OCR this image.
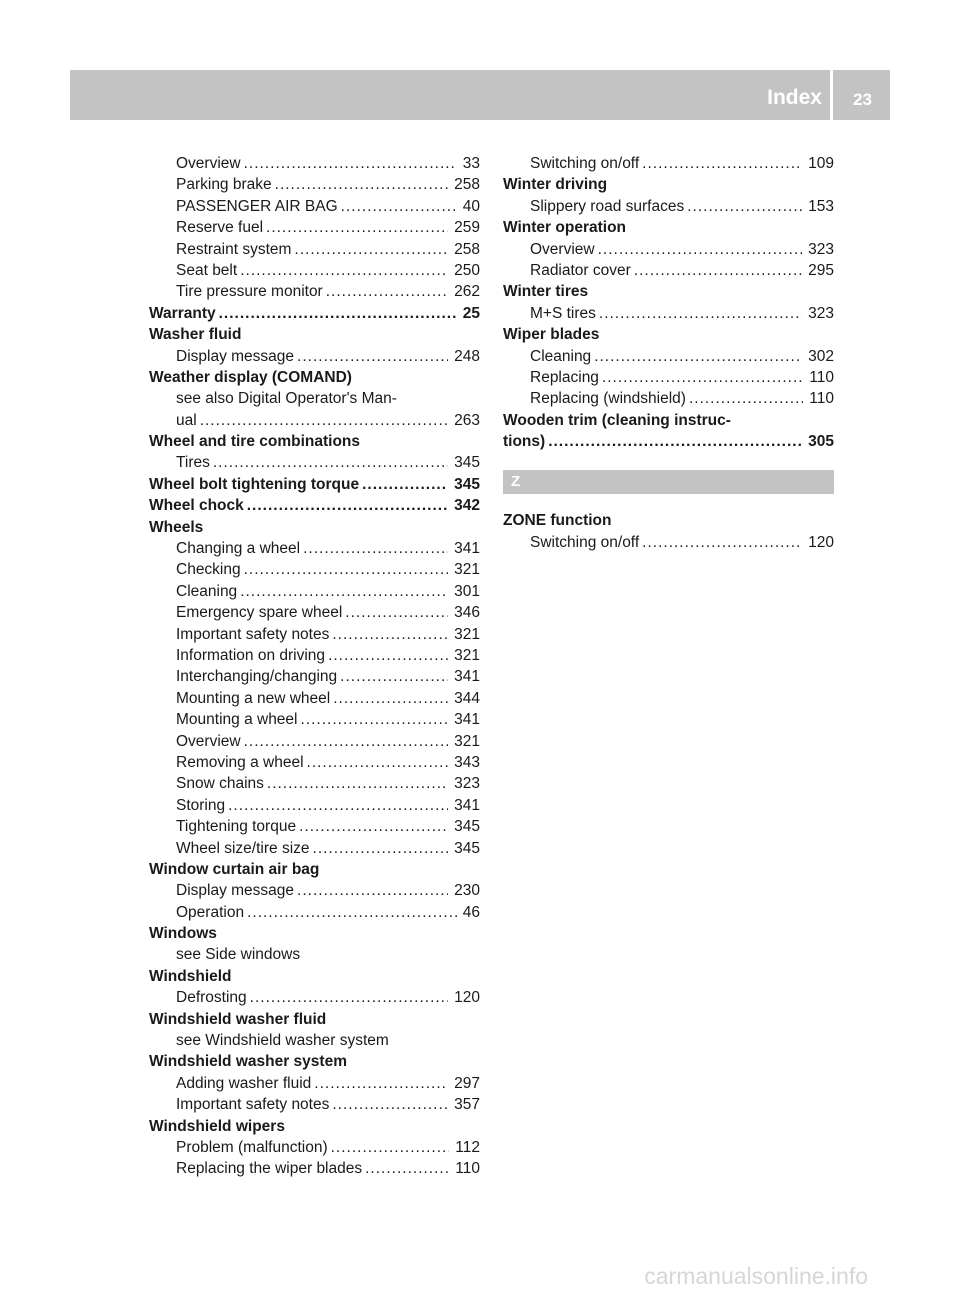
Index 23
Overview .....	33
Parking brake .....	258
PASSENGER AIR BAG .....	40
Reserve fuel .....	259
Restraint system .....	258
Seat belt .....	250
Tire pressure monitor .....	262
Warranty .....	25
Washer fluid
Display message .....	248
Weather display (COMAND)
see also Digital Operator's Man-
ual .....	263
Wheel and tire combinations
Tires .....	345
Wheel bolt tightening torque .....	345
Wheel chock .....	342
Wheels
Changing a wheel .....	341
Checking .....	321
Cleaning .....	301
Emergency spare wheel .....	346
Important safety notes .....	321
Information on driving .....	321
Interchanging/changing .....	341
Mounting a new wheel .....	344
Mounting a wheel .....	341
Overview .....	321
Removing a wheel .....	343
Snow chains .....	323
Storing .....	341
Tightening torque .....	345
Wheel size/tire size .....	345
Window curtain air bag
Display message .....	230
Operation .....	46
Windows
see Side windows
Windshield
Defrosting .....	120
Windshield washer fluid
see Windshield washer system
Windshield washer system
Adding washer fluid .....	297
Important safety notes .....	357
Windshield wipers
Problem (malfunction) .....	112
Replacing the wiper blades .....	110
Switching on/off .....	109
Winter driving
Slippery road surfaces .....	153
Winter operation
Overview .....	323
Radiator cover .....	295
Winter tires
M+S tires .....	323
Wiper blades
Cleaning .....	302
Replacing .....	110
Replacing (windshield) .....	110
Wooden trim (cleaning instruc-
tions) .....	305
Z
ZONE function
Switching on/off .....	120
carmanualsonline.info
